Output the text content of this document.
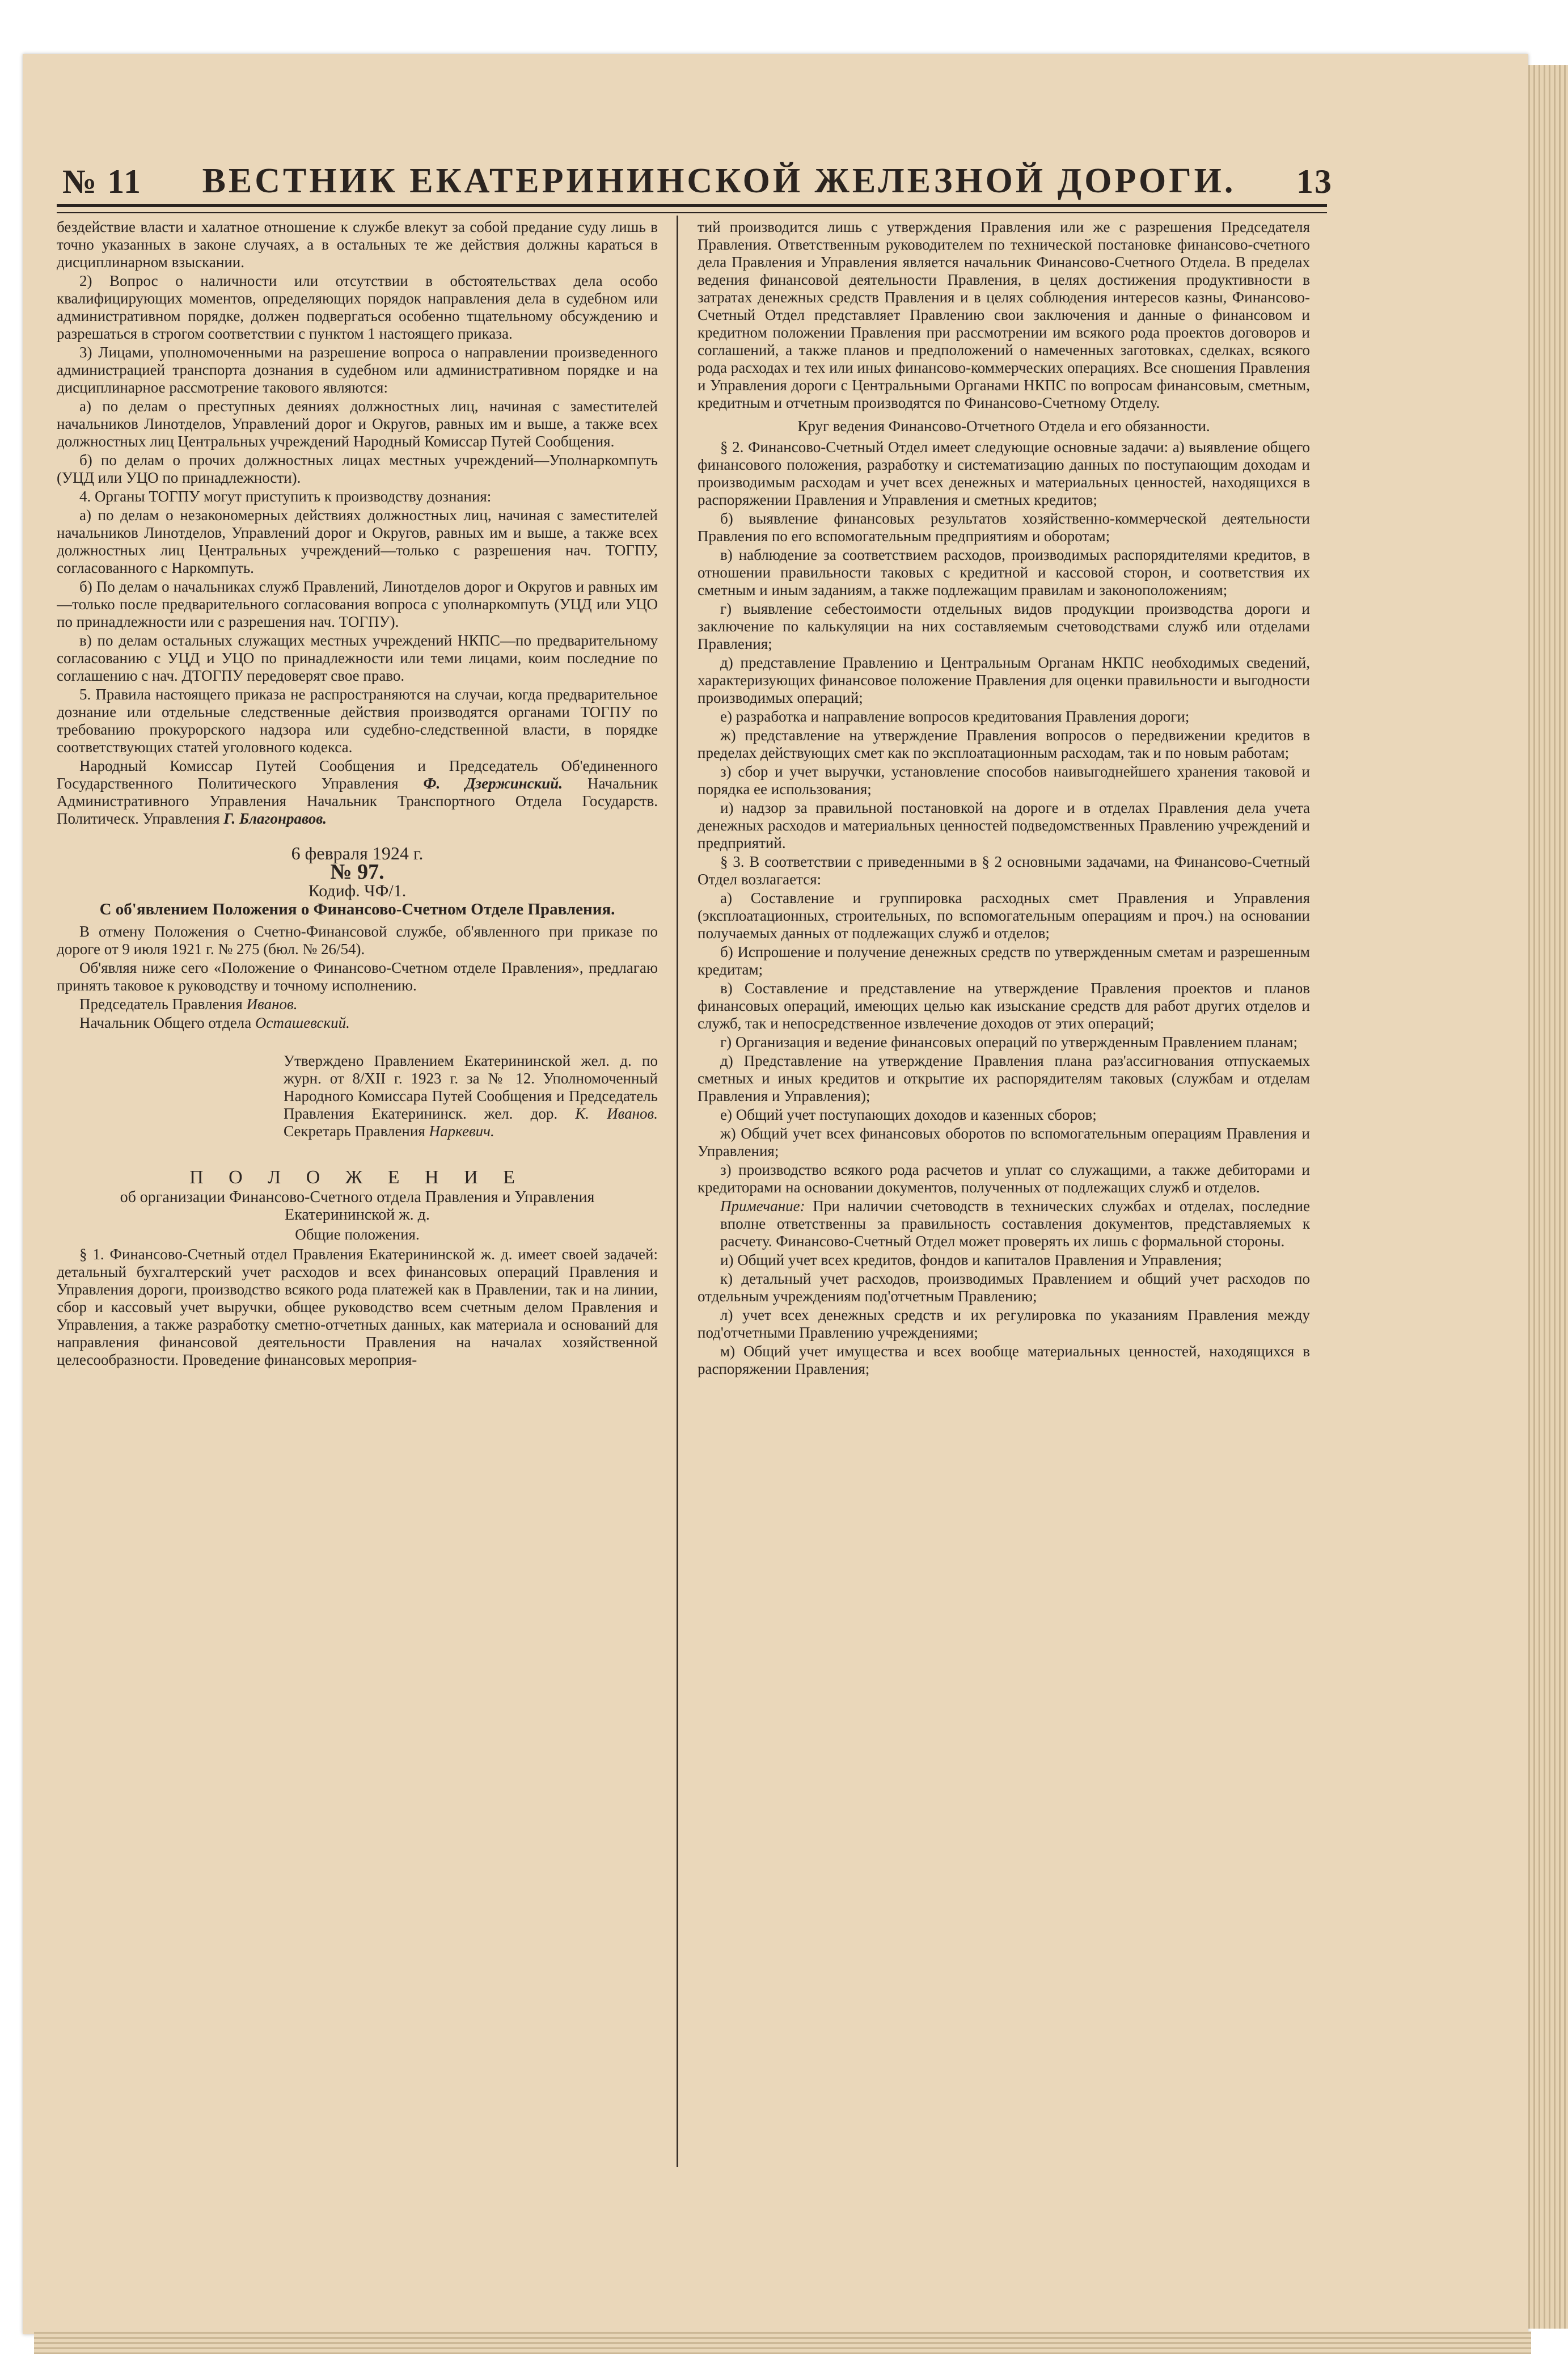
№ 11 ВЕСТНИК ЕКАТЕРИНИНСКОЙ ЖЕЛЕЗНОЙ ДОРОГИ. 13

бездействие власти и халатное отношение к службе влекут за собой предание суду лишь в точно указанных в законе случаях, а в остальных те же действия должны караться в дисциплинарном взыскании.

2) Вопрос о наличности или отсутствии в обстоятельствах дела особо квалифицирующих моментов, определяющих порядок направления дела в судебном или административном порядке, должен подвергаться особенно тщательному обсуждению и разрешаться в строгом соответствии с пунктом 1 настоящего приказа.

3) Лицами, уполномоченными на разрешение вопроса о направлении произведенного администрацией транспорта дознания в судебном или административном порядке и на дисциплинарное рассмотрение такового являются:

а) по делам о преступных деяниях должностных лиц, начиная с заместителей начальников Линотделов, Управлений дорог и Округов, равных им и выше, а также всех должностных лиц Центральных учреждений Народный Комиссар Путей Сообщения.

б) по делам о прочих должностных лицах местных учреждений—Уполнаркомпуть (УЦД или УЦО по принадлежности).

4. Органы ТОГПУ могут приступить к производству дознания:

а) по делам о незакономерных действиях должностных лиц, начиная с заместителей начальников Линотделов, Управлений дорог и Округов, равных им и выше, а также всех должностных лиц Центральных учреждений—только с разрешения нач. ТОГПУ, согласованного с Наркомпуть.

б) По делам о начальниках служб Правлений, Линотделов дорог и Округов и равных им—только после предварительного согласования вопроса с уполнаркомпуть (УЦД или УЦО по принадлежности или с разрешения нач. ТОГПУ).

в) по делам остальных служащих местных учреждений НКПС—по предварительному согласованию с УЦД и УЦО по принадлежности или теми лицами, коим последние по соглашению с нач. ДТОГПУ передоверят свое право.

5. Правила настоящего приказа не распространяются на случаи, когда предварительное дознание или отдельные следственные действия производятся органами ТОГПУ по требованию прокурорского надзора или судебно-следственной власти, в порядке соответствующих статей уголовного кодекса.

Народный Комиссар Путей Сообщения и Председатель Об'единенного Государственного Политического Управления Ф. Дзержинский. Начальник Административного Управления Начальник Транспортного Отдела Государств. Политическ. Управления Г. Благонравов.

6 февраля 1924 г.
№ 97.
Кодиф. ЧФ/1.
С об'явлением Положения о Финансово-Счетном Отделе Правления.

В отмену Положения о Счетно-Финансовой службе, об'явленного при приказе по дороге от 9 июля 1921 г. № 275 (бюл. № 26/54).

Об'являя ниже сего «Положение о Финансово-Счетном отделе Правления», предлагаю принять таковое к руководству и точному исполнению.

Председатель Правления Иванов.

Начальник Общего отдела Осташевский.

Утверждено Правлением Екатерининской жел. д. по журн. от 8/XII г. 1923 г. за № 12. Уполномоченный Народного Комиссара Путей Сообщения и Председатель Правления Екатерининск. жел. дор. К. Иванов. Секретарь Правления Наркевич.
П О Л О Ж Е Н И Е
об организации Финансово-Счетного отдела Правления и Управления Екатерининской ж. д.
Общие положения.

§ 1. Финансово-Счетный отдел Правления Екатерининской ж. д. имеет своей задачей: детальный бухгалтерский учет расходов и всех финансовых операций Правления и Управления дороги, производство всякого рода платежей как в Правлении, так и на линии, сбор и кассовый учет выручки, общее руководство всем счетным делом Правления и Управления, а также разработку сметно-отчетных данных, как материала и оснований для направления финансовой деятельности Правления на началах хозяйственной целесообразности. Проведение финансовых мероприя-

тий производится лишь с утверждения Правления или же с разрешения Председателя Правления. Ответственным руководителем по технической постановке финансово-счетного дела Правления и Управления является начальник Финансово-Счетного Отдела. В пределах ведения финансовой деятельности Правления, в целях достижения продуктивности в затратах денежных средств Правления и в целях соблюдения интересов казны, Финансово-Счетный Отдел представляет Правлению свои заключения и данные о финансовом и кредитном положении Правления при рассмотрении им всякого рода проектов договоров и соглашений, а также планов и предположений о намеченных заготовках, сделках, всякого рода расходах и тех или иных финансово-коммерческих операциях. Все сношения Правления и Управления дороги с Центральными Органами НКПС по вопросам финансовым, сметным, кредитным и отчетным производятся по Финансово-Счетному Отделу.

Круг ведения Финансово-Отчетного Отдела и его обязанности.

§ 2. Финансово-Счетный Отдел имеет следующие основные задачи: а) выявление общего финансового положения, разработку и систематизацию данных по поступающим доходам и производимым расходам и учет всех денежных и материальных ценностей, находящихся в распоряжении Правления и Управления и сметных кредитов;

б) выявление финансовых результатов хозяйственно-коммерческой деятельности Правления по его вспомогательным предприятиям и оборотам;

в) наблюдение за соответствием расходов, производимых распорядителями кредитов, в отношении правильности таковых с кредитной и кассовой сторон, и соответствия их сметным и иным заданиям, а также подлежащим правилам и законоположениям;

г) выявление себестоимости отдельных видов продукции производства дороги и заключение по калькуляции на них составляемым счетоводствами служб или отделами Правления;

д) представление Правлению и Центральным Органам НКПС необходимых сведений, характеризующих финансовое положение Правления для оценки правильности и выгодности производимых операций;

е) разработка и направление вопросов кредитования Правления дороги;

ж) представление на утверждение Правления вопросов о передвижении кредитов в пределах действующих смет как по эксплоатационным расходам, так и по новым работам;

з) сбор и учет выручки, установление способов наивыгоднейшего хранения таковой и порядка ее использования;

и) надзор за правильной постановкой на дороге и в отделах Правления дела учета денежных расходов и материальных ценностей подведомственных Правлению учреждений и предприятий.

§ 3. В соответствии с приведенными в § 2 основными задачами, на Финансово-Счетный Отдел возлагается:

а) Составление и группировка расходных смет Правления и Управления (эксплоатационных, строительных, по вспомогательным операциям и проч.) на основании получаемых данных от подлежащих служб и отделов;

б) Испрошение и получение денежных средств по утвержденным сметам и разрешенным кредитам;

в) Составление и представление на утверждение Правления проектов и планов финансовых операций, имеющих целью как изыскание средств для работ других отделов и служб, так и непосредственное извлечение доходов от этих операций;

г) Организация и ведение финансовых операций по утвержденным Правлением планам;

д) Представление на утверждение Правления плана раз'ассигнования отпускаемых сметных и иных кредитов и открытие их распорядителям таковых (службам и отделам Правления и Управления);

е) Общий учет поступающих доходов и казенных сборов;

ж) Общий учет всех финансовых оборотов по вспомогательным операциям Правления и Управления;

з) производство всякого рода расчетов и уплат со служащими, а также дебиторами и кредиторами на основании документов, полученных от подлежащих служб и отделов.

Примечание: При наличии счетоводств в технических службах и отделах, последние вполне ответственны за правильность составления документов, представляемых к расчету. Финансово-Счетный Отдел может проверять их лишь с формальной стороны.

и) Общий учет всех кредитов, фондов и капиталов Правления и Управления;

к) детальный учет расходов, производимых Правлением и общий учет расходов по отдельным учреждениям под'отчетным Правлению;

л) учет всех денежных средств и их регулировка по указаниям Правления между под'отчетными Правлению учреждениями;

м) Общий учет имущества и всех вообще материальных ценностей, находящихся в распоряжении Правления;
